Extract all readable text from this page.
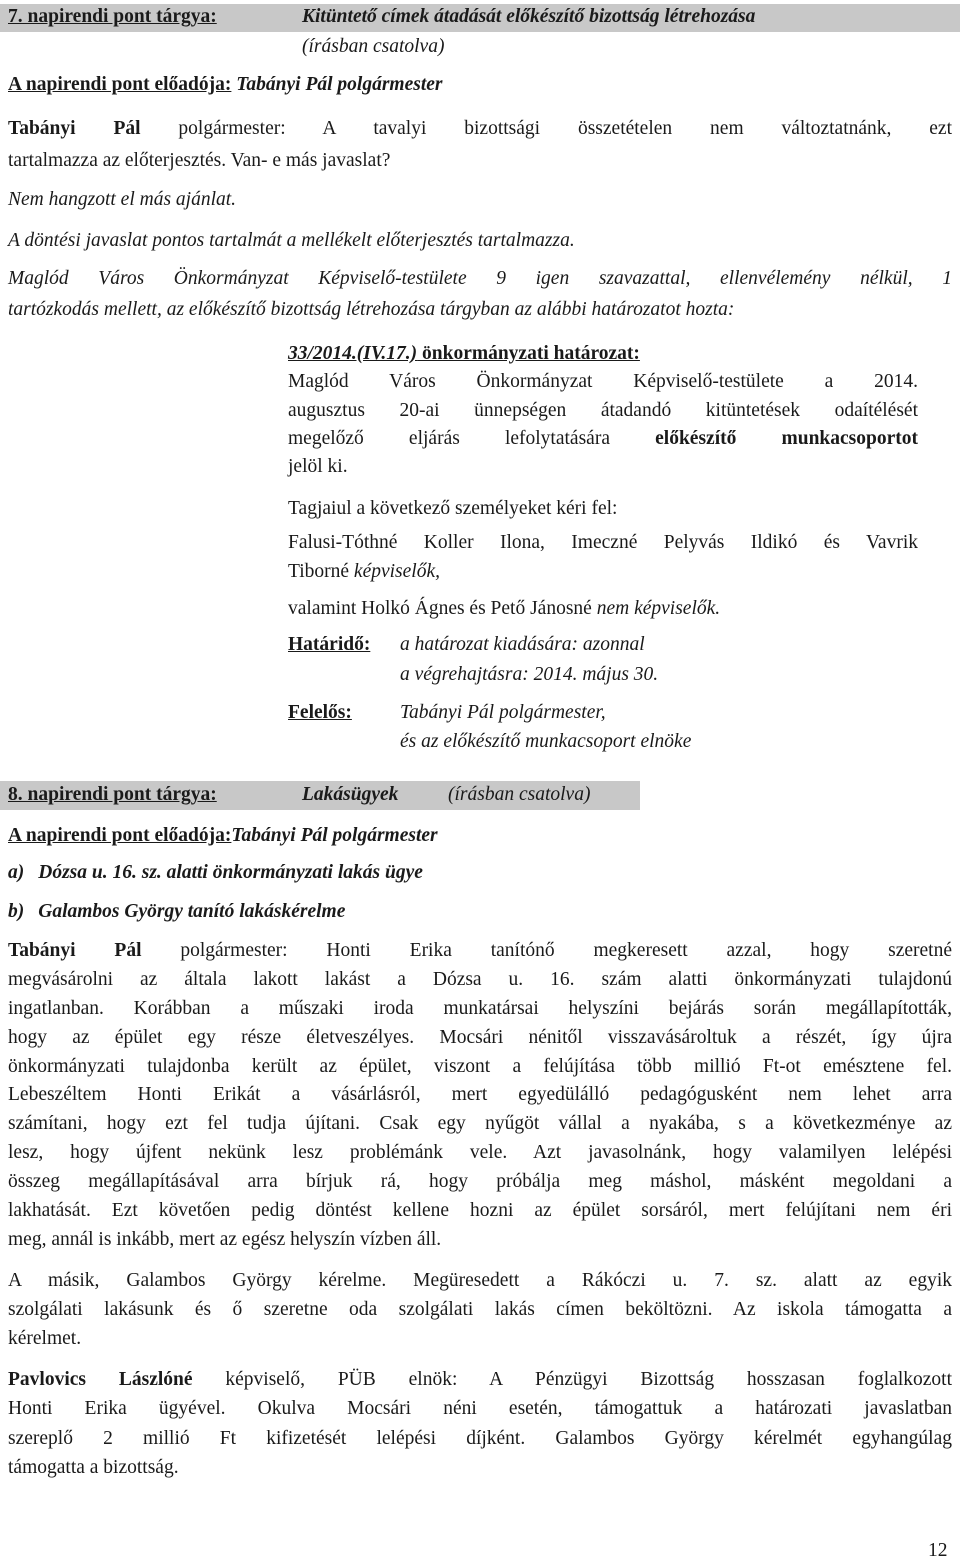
7. napirendi pont tárgya:	Kitüntető címek átadását előkészítő bizottság létrehozása
(írásban csatolva)
A napirendi pont előadója: Tabányi Pál polgármester
Tabányi Pál polgármester: A tavalyi bizottsági összetételen nem változtatnánk, ezt
tartalmazza az előterjesztés. Van- e más javaslat?
Nem hangzott el más ajánlat.
A döntési javaslat pontos tartalmát a mellékelt előterjesztés tartalmazza.
Maglód Város Önkormányzat Képviselő-testülete 9 igen szavazattal, ellenvélemény nélkül, 1
tartózkodás mellett, az előkészítő bizottság létrehozása tárgyban az alábbi határozatot hozta:
33/2014.(IV.17.) önkormányzati határozat:
Maglód Város Önkormányzat Képviselő-testülete a 2014.
augusztus 20-ai ünnepségen átadandó kitüntetések odaítélését
megelőző eljárás lefolytatására előkészítő munkacsoportot
jelöl ki.
Tagjaiul a következő személyeket kéri fel:
Falusi-Tóthné Koller Ilona, Imeczné Pelyvás Ildikó és Vavrik
Tiborné képviselők,
valamint Holkó Ágnes és Pető Jánosné nem képviselők.
Határidő: a határozat kiadására: azonnal
a végrehajtásra: 2014. május 30.
Felelős: Tabányi Pál polgármester,
és az előkészítő munkacsoport elnöke
8. napirendi pont tárgya:	Lakásügyek	(írásban csatolva)
A napirendi pont előadója:Tabányi Pál polgármester
a) Dózsa u. 16. sz. alatti önkormányzati lakás ügye
b) Galambos György tanító lakáskérelme
Tabányi Pál polgármester: Honti Erika tanítónő megkeresett azzal, hogy szeretné
megvásárolni az általa lakott lakást a Dózsa u. 16. szám alatti önkormányzati tulajdonú
ingatlanban. Korábban a műszaki iroda munkatársai helyszíni bejárás során megállapították,
hogy az épület egy része életveszélyes. Mocsári nénitől visszavásároltuk a részét, így újra
önkormányzati tulajdonba került az épület, viszont a felújítása több millió Ft-ot emésztene fel.
Lebeszéltem Honti Erikát a vásárlásról, mert egyedülálló pedagógusként nem lehet arra
számítani, hogy ezt fel tudja újítani. Csak egy nyűgöt vállal a nyakába, s a következménye az
lesz, hogy újfent nekünk lesz problémánk vele. Azt javasolnánk, hogy valamilyen lelépési
összeg megállapításával arra bírjuk rá, hogy próbálja meg máshol, másként megoldani a
lakhatását. Ezt követően pedig döntést kellene hozni az épület sorsáról, mert felújítani nem éri
meg, annál is inkább, mert az egész helyszín vízben áll.
A másik, Galambos György kérelme. Megüresedett a Rákóczi u. 7. sz. alatt az egyik
szolgálati lakásunk és ő szeretne oda szolgálati lakás címen beköltözni. Az iskola támogatta a
kérelmet.
Pavlovics Lászlóné képviselő, PÜB elnök: A Pénzügyi Bizottság hosszasan foglalkozott
Honti Erika ügyével. Okulva Mocsári néni esetén, támogattuk a határozati javaslatban
szereplő 2 millió Ft kifizetését lelépési díjként. Galambos György kérelmét egyhangúlag
támogatta a bizottság.
12
